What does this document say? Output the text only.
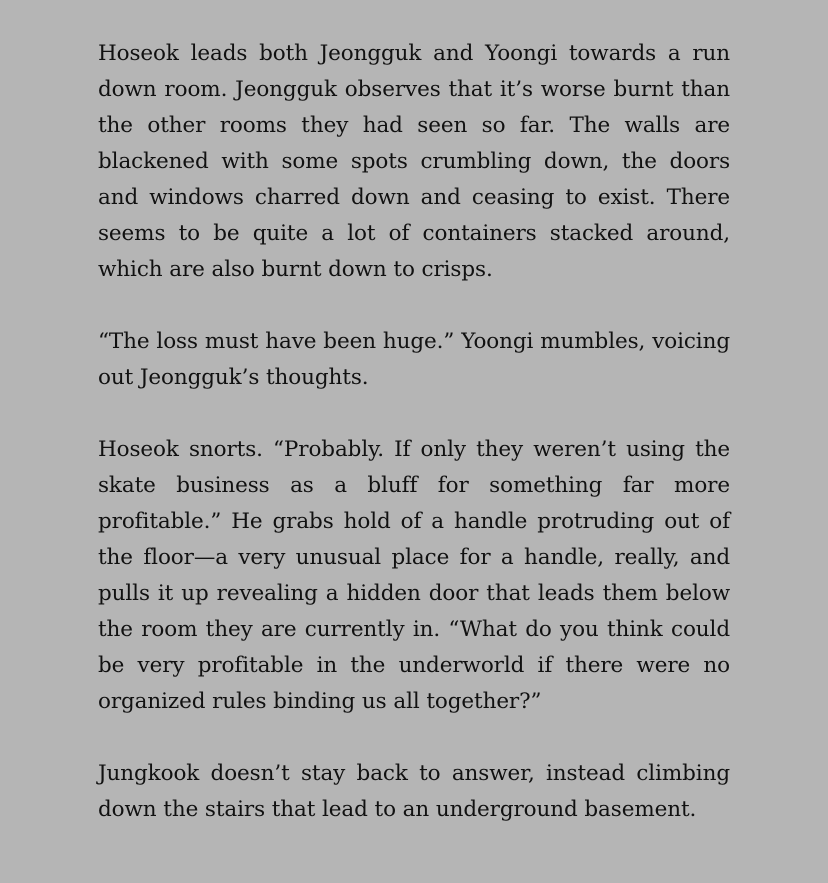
Hoseok leads both Jeongguk and Yoongi towards a run down room. Jeongguk observes that it’s worse burnt than the other rooms they had seen so far. The walls are blackened with some spots crumbling down, the doors and windows charred down and ceasing to exist. There seems to be quite a lot of containers stacked around, which are also burnt down to crisps.

“The loss must have been huge.” Yoongi mumbles, voicing out Jeongguk’s thoughts.

Hoseok snorts. “Probably. If only they weren’t using the skate business as a bluff for something far more profitable.” He grabs hold of a handle protruding out of the floor—a very unusual place for a handle, really, and pulls it up revealing a hidden door that leads them below the room they are currently in. “What do you think could be very profitable in the underworld if there were no organized rules binding us all together?”

Jungkook doesn’t stay back to answer, instead climbing down the stairs that lead to an underground basement.
